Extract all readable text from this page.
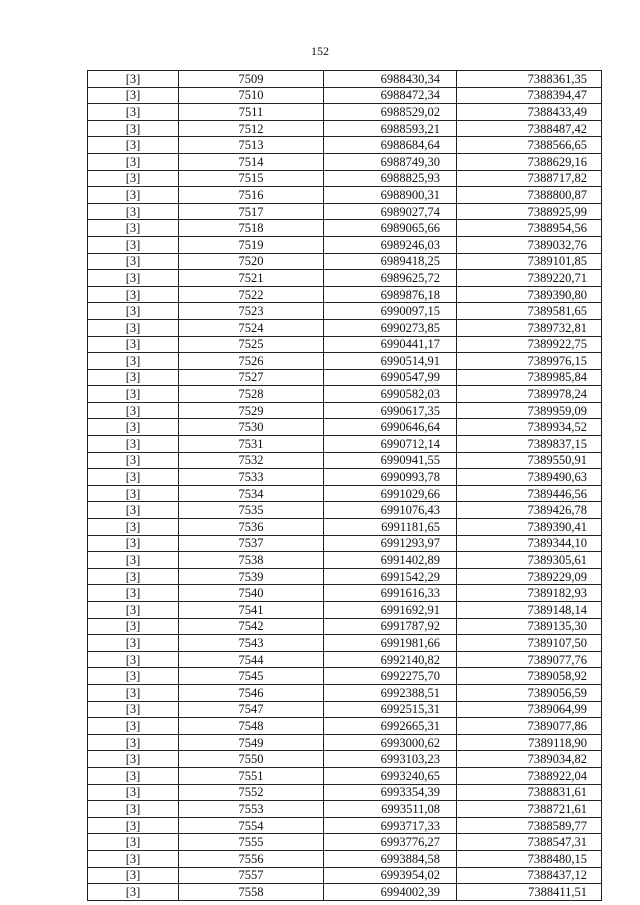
152
[3]	7509	6988430,34	7388361,35
[3]	7510	6988472,34	7388394,47
[3]	7511	6988529,02	7388433,49
[3]	7512	6988593,21	7388487,42
[3]	7513	6988684,64	7388566,65
[3]	7514	6988749,30	7388629,16
[3]	7515	6988825,93	7388717,82
[3]	7516	6988900,31	7388800,87
[3]	7517	6989027,74	7388925,99
[3]	7518	6989065,66	7388954,56
[3]	7519	6989246,03	7389032,76
[3]	7520	6989418,25	7389101,85
[3]	7521	6989625,72	7389220,71
[3]	7522	6989876,18	7389390,80
[3]	7523	6990097,15	7389581,65
[3]	7524	6990273,85	7389732,81
[3]	7525	6990441,17	7389922,75
[3]	7526	6990514,91	7389976,15
[3]	7527	6990547,99	7389985,84
[3]	7528	6990582,03	7389978,24
[3]	7529	6990617,35	7389959,09
[3]	7530	6990646,64	7389934,52
[3]	7531	6990712,14	7389837,15
[3]	7532	6990941,55	7389550,91
[3]	7533	6990993,78	7389490,63
[3]	7534	6991029,66	7389446,56
[3]	7535	6991076,43	7389426,78
[3]	7536	6991181,65	7389390,41
[3]	7537	6991293,97	7389344,10
[3]	7538	6991402,89	7389305,61
[3]	7539	6991542,29	7389229,09
[3]	7540	6991616,33	7389182,93
[3]	7541	6991692,91	7389148,14
[3]	7542	6991787,92	7389135,30
[3]	7543	6991981,66	7389107,50
[3]	7544	6992140,82	7389077,76
[3]	7545	6992275,70	7389058,92
[3]	7546	6992388,51	7389056,59
[3]	7547	6992515,31	7389064,99
[3]	7548	6992665,31	7389077,86
[3]	7549	6993000,62	7389118,90
[3]	7550	6993103,23	7389034,82
[3]	7551	6993240,65	7388922,04
[3]	7552	6993354,39	7388831,61
[3]	7553	6993511,08	7388721,61
[3]	7554	6993717,33	7388589,77
[3]	7555	6993776,27	7388547,31
[3]	7556	6993884,58	7388480,15
[3]	7557	6993954,02	7388437,12
[3]	7558	6994002,39	7388411,51
